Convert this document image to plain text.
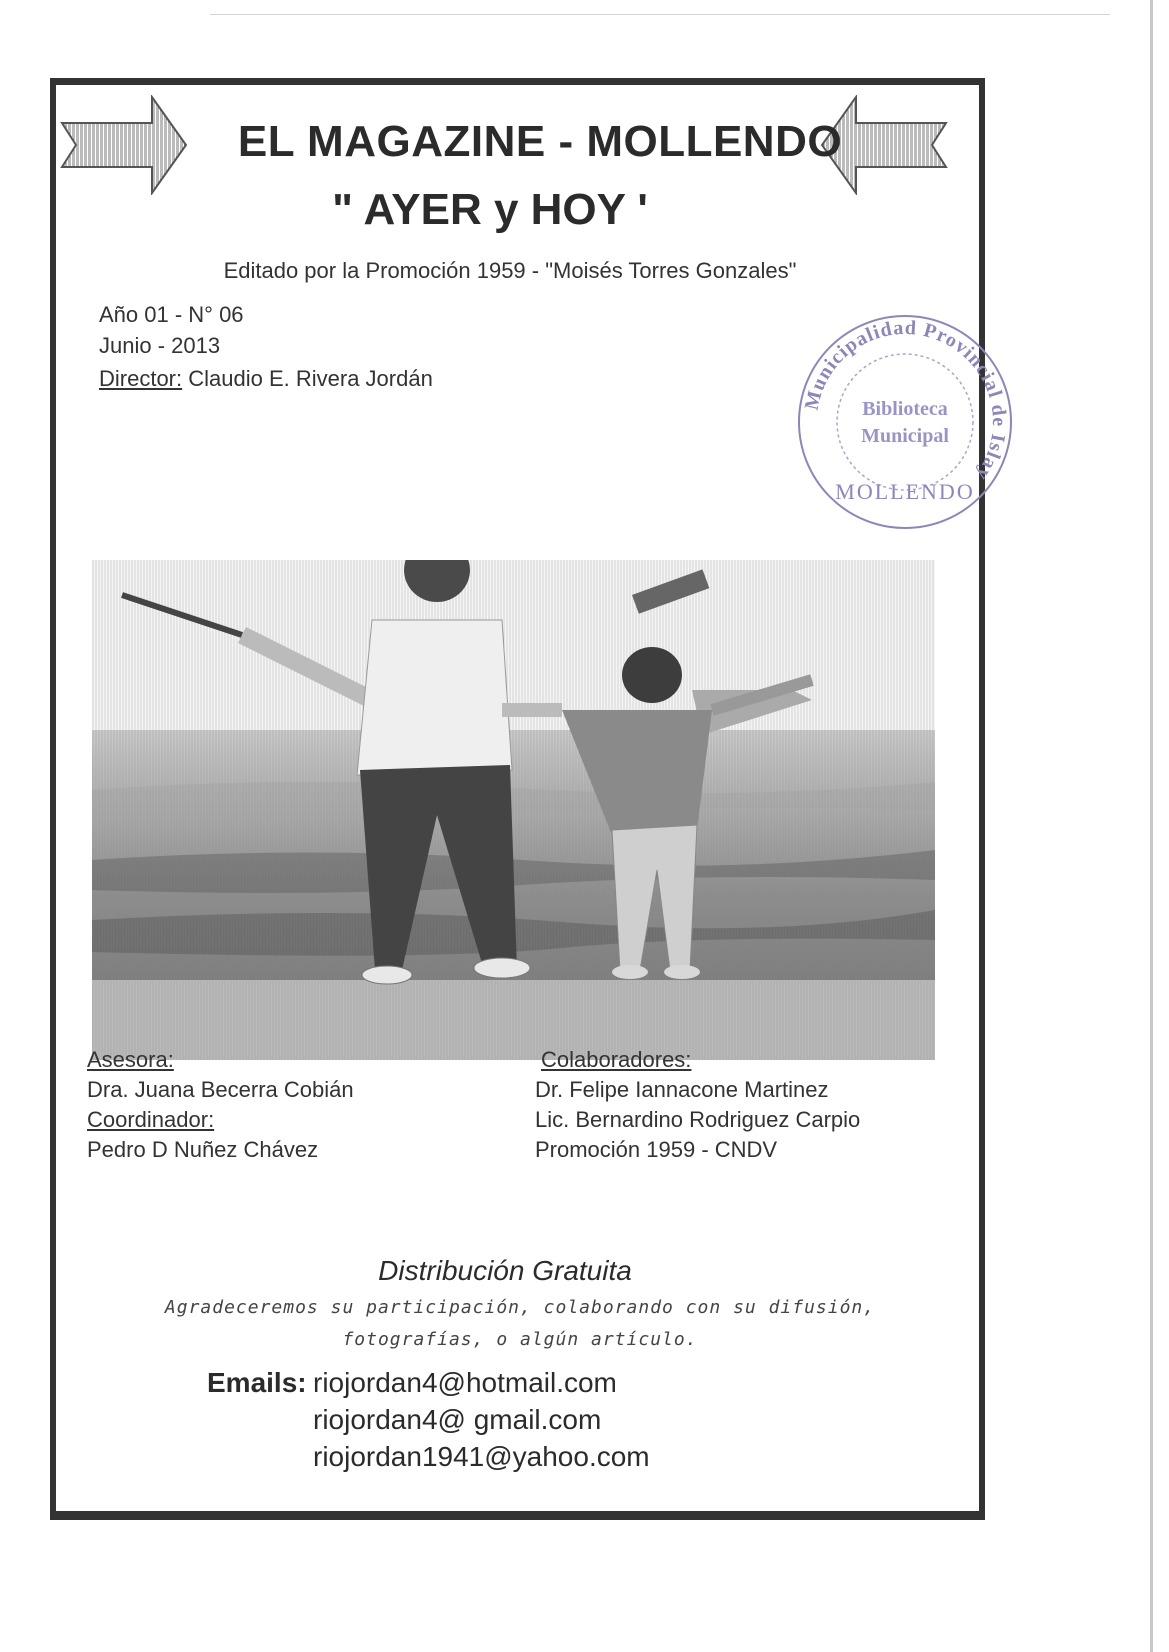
EL MAGAZINE - MOLLENDO
" AYER y HOY '
Editado por la Promoción 1959 - "Moisés Torres Gonzales"
Año 01 - N° 06
Junio - 2013
Director: Claudio E. Rivera Jordán
Municipalidad Provincial de Islay
Biblioteca
Municipal
MOLLENDO
Asesora:
Dra. Juana Becerra Cobián
Coordinador:
Pedro D Nuñez Chávez
Colaboradores:
Dr. Felipe Iannacone Martinez
Lic. Bernardino Rodriguez Carpio
Promoción 1959 - CNDV
Distribución Gratuita
Agradeceremos su participación, colaborando con su difusión,
fotografías, o algún artículo.
Emails: riojordan4@hotmail.com
riojordan4@ gmail.com
riojordan1941@yahoo.com
